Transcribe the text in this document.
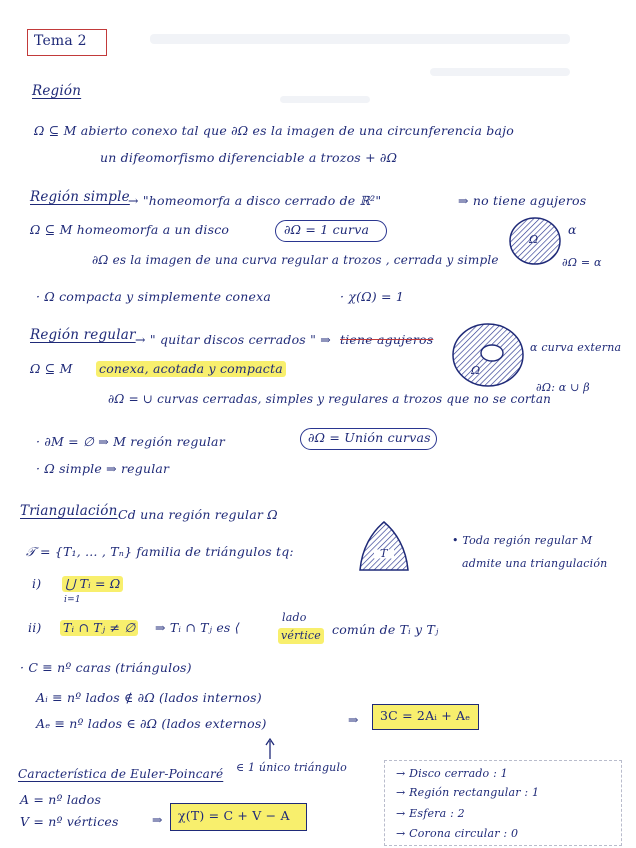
Tema 2
Región
Ω ⊆ M abierto conexo tal que ∂Ω es la imagen de una circunferencia bajo
un difeomorfismo diferenciable a trozos + ∂Ω
Región simple
→ "homeomorfa a disco cerrado de ℝ²"	⇒ no tiene agujeros
Ω ⊆ M homeomorfa a un disco	∂Ω = 1 curva
∂Ω es la imagen de una curva regular a trozos , cerrada y simple
· Ω compacta y simplemente conexa	· χ(Ω) = 1
Ω
α
∂Ω = α
Región regular → " quitar discos cerrados " ⇒ tiene agujeros
Ω ⊆ M conexa, acotada y compacta
∂Ω = ∪ curvas cerradas, simples y regulares a trozos que no se cortan
· ∂M = ∅ ⇒ M región regular	∂Ω = Unión curvas
· Ω simple ⇒ regular
Ω
α curva externa
∂Ω: α ∪ β
Triangulación Cd una región regular Ω
𝒯 = {T₁, … , Tₙ} familia de triángulos tq:
i) ⋃ Tᵢ = Ω
i=1
ii) Tᵢ ∩ Tⱼ ≠ ∅ ⇒ Tᵢ ∩ Tⱼ es ⟨
lado
vértice común de Tᵢ y Tⱼ
T
• Toda región regular M
admite una triangulación
· C ≡ nº caras (triángulos)
Aᵢ ≡ nº lados ∉ ∂Ω (lados internos)
Aₑ ≡ nº lados ∈ ∂Ω (lados externos)	⇒ 3C = 2Aᵢ + Aₑ
∈ 1 único triángulo
Característica de Euler-Poincaré
A = nº lados
V = nº vértices	⇒ χ(T) = C + V − A
→ Disco cerrado : 1
→ Región rectangular : 1
→ Esfera : 2
→ Corona circular : 0
